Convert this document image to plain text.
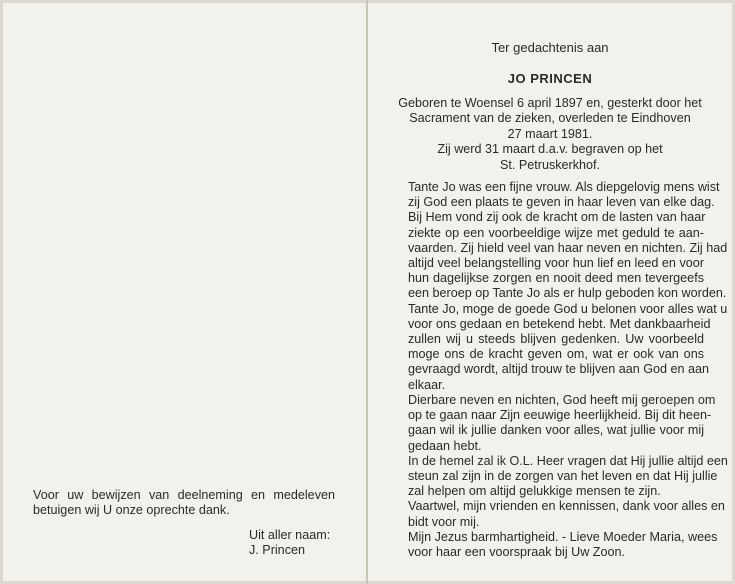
Voor uw bewijzen van deelneming en medeleven
betuigen wij U onze oprechte dank.
Uit aller naam:
J. Princen
Ter gedachtenis aan
JO PRINCEN
Geboren te Woensel 6 april 1897 en, gesterkt door het
Sacrament van de zieken, overleden te Eindhoven
27 maart 1981.
Zij werd 31 maart d.a.v. begraven op het
St. Petruskerkhof.
Tante Jo was een fijne vrouw. Als diepgelovig mens wist
zij God een plaats te geven in haar leven van elke dag.
Bij Hem vond zij ook de kracht om de lasten van haar
ziekte op een voorbeeldige wijze met geduld te aan-
vaarden. Zij hield veel van haar neven en nichten. Zij had
altijd veel belangstelling voor hun lief en leed en voor
hun dagelijkse zorgen en nooit deed men tevergeefs
een beroep op Tante Jo als er hulp geboden kon worden.
Tante Jo, moge de goede God u belonen voor alles wat u
voor ons gedaan en betekend hebt. Met dankbaarheid
zullen wij u steeds blijven gedenken. Uw voorbeeld
moge ons de kracht geven om, wat er ook van ons
gevraagd wordt, altijd trouw te blijven aan God en aan
elkaar.
Dierbare neven en nichten, God heeft mij geroepen om
op te gaan naar Zijn eeuwige heerlijkheid. Bij dit heen-
gaan wil ik jullie danken voor alles, wat jullie voor mij
gedaan hebt.
In de hemel zal ik O.L. Heer vragen dat Hij jullie altijd een
steun zal zijn in de zorgen van het leven en dat Hij jullie
zal helpen om altijd gelukkige mensen te zijn.
Vaartwel, mijn vrienden en kennissen, dank voor alles en
bidt voor mij.
Mijn Jezus barmhartigheid. - Lieve Moeder Maria, wees
voor haar een voorspraak bij Uw Zoon.
